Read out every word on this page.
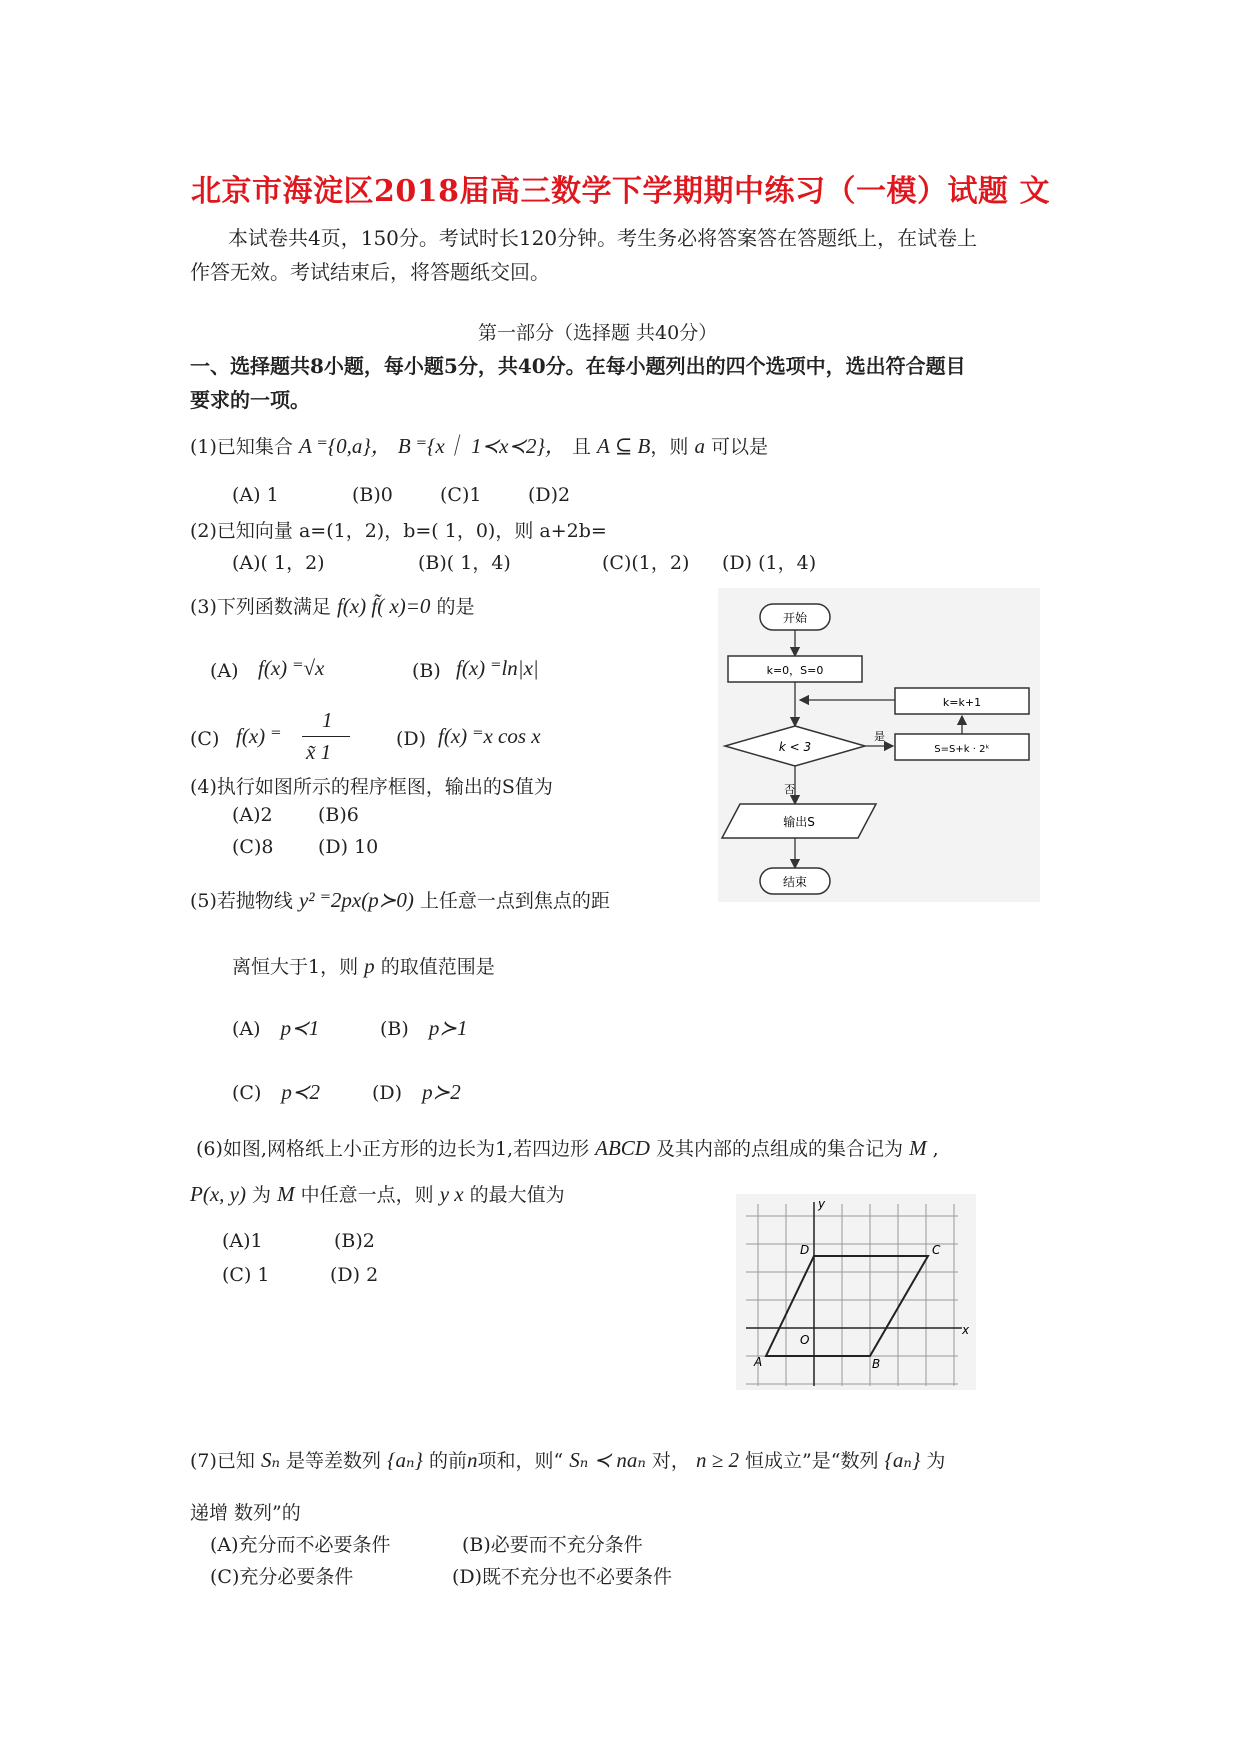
北京市海淀区2018届高三数学下学期期中练习（一模）试题 文
本试卷共4页，150分。考试时长120分钟。考生务必将答案答在答题纸上，在试卷上
作答无效。考试结束后，将答题纸交回。
第一部分（选择题 共40分）
一、选择题共8小题，每小题5分，共40分。在每小题列出的四个选项中，选出符合题目
要求的一项。
(1)已知集合 A ⁼{0,a}， B ⁼{x｜ 1≺x≺2}， 且 A ⊆ B，则 a 可以是
(A) 1	(B)0 (C)1 (D)2
(2)已知向量 a=(1，2)，b=( 1，0)，则 a+2b=
(A)( 1，2)	(B)( 1，4)	(C)(1，2) (D) (1，4)
(3)下列函数满足 f(x) f̃( x)=0 的是
(A) f(x) ⁼√x	(B) f(x) ⁼ln|x|
(C) f(x) ⁼
1
x̃ 1
(D) f(x) ⁼x cos x
(4)执行如图所示的程序框图，输出的S值为
(A)2 (B)6
(C)8 (D) 10
开始
k=0，S=0
k < 3
是
S=S+k · 2ᵏ
k=k+1
否
输出S
结束
(5)若抛物线 y² ⁼2px(p≻0) 上任意一点到焦点的距
离恒大于1，则 p 的取值范围是
(A) p≺1	(B) p≻1
(C) p≺2	(D) p≻2
(6)如图,网格纸上小正方形的边长为1,若四边形 ABCD 及其内部的点组成的集合记为 M ,
P(x, y) 为 M 中任意一点，则 y x 的最大值为
(A)1	(B)2
(C) 1	(D) 2
x
y
O
A	B
C
D
(7)已知 Sₙ 是等差数列 {aₙ} 的前n项和，则“ Sₙ ≺ naₙ 对， n ≥ 2 恒成立”是“数列 {aₙ} 为
递增 数列”的
(A)充分而不必要条件	(B)必要而不充分条件
(C)充分必要条件	(D)既不充分也不必要条件
